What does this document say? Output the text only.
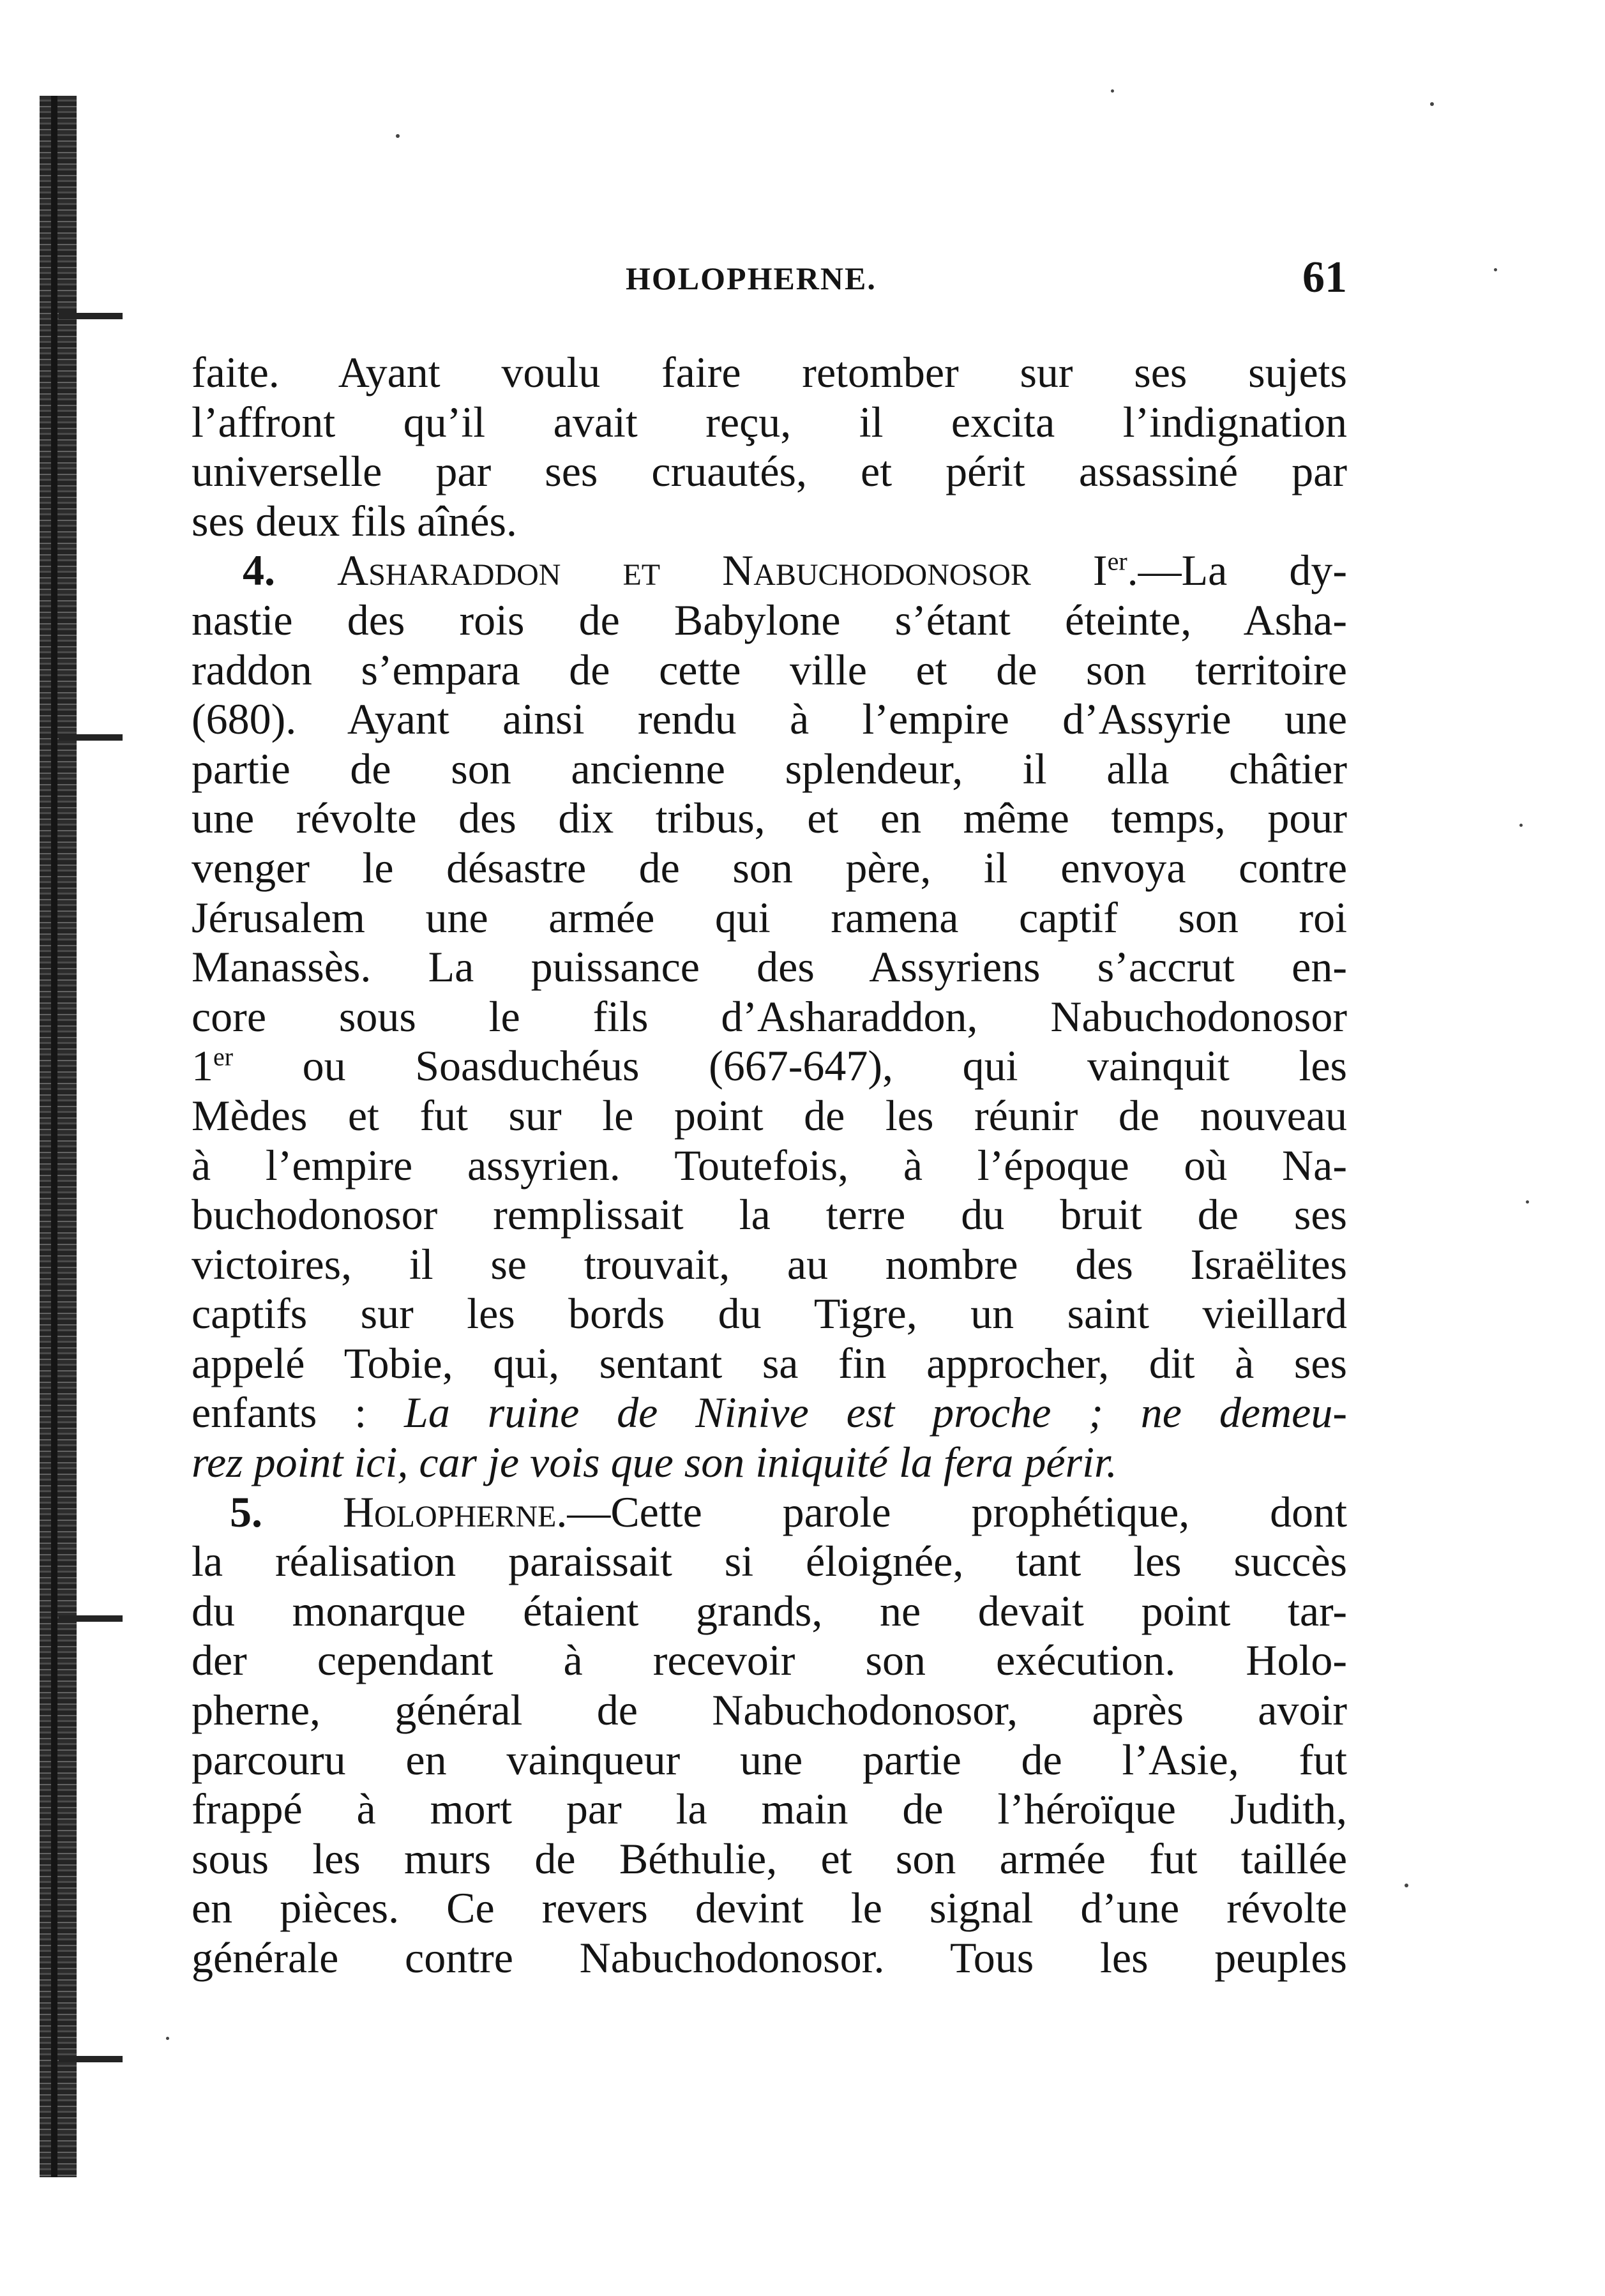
HOLOPHERNE.	61
faite. Ayant voulu faire retomber sur ses sujets
l’affront qu’il avait reçu, il excita l’indignation
universelle par ses cruautés, et périt assassiné par
ses deux fils aînés.
4. Asharaddon et Nabuchodonosor Ier.—La dy-
nastie des rois de Babylone s’étant éteinte, Asha-
raddon s’empara de cette ville et de son territoire
(680). Ayant ainsi rendu à l’empire d’Assyrie une
partie de son ancienne splendeur, il alla châtier
une révolte des dix tribus, et en même temps, pour
venger le désastre de son père, il envoya contre
Jérusalem une armée qui ramena captif son roi
Manassès. La puissance des Assyriens s’accrut en-
core sous le fils d’Asharaddon, Nabuchodonosor
1er ou Soasduchéus (667-647), qui vainquit les
Mèdes et fut sur le point de les réunir de nouveau
à l’empire assyrien. Toutefois, à l’époque où Na-
buchodonosor remplissait la terre du bruit de ses
victoires, il se trouvait, au nombre des Israëlites
captifs sur les bords du Tigre, un saint vieillard
appelé Tobie, qui, sentant sa fin approcher, dit à ses
enfants : La ruine de Ninive est proche ; ne demeu-
rez point ici, car je vois que son iniquité la fera périr.
5. Holopherne.—Cette parole prophétique, dont
la réalisation paraissait si éloignée, tant les succès
du monarque étaient grands, ne devait point tar-
der cependant à recevoir son exécution. Holo-
pherne, général de Nabuchodonosor, après avoir
parcouru en vainqueur une partie de l’Asie, fut
frappé à mort par la main de l’héroïque Judith,
sous les murs de Béthulie, et son armée fut taillée
en pièces. Ce revers devint le signal d’une révolte
générale contre Nabuchodonosor. Tous les peuples
